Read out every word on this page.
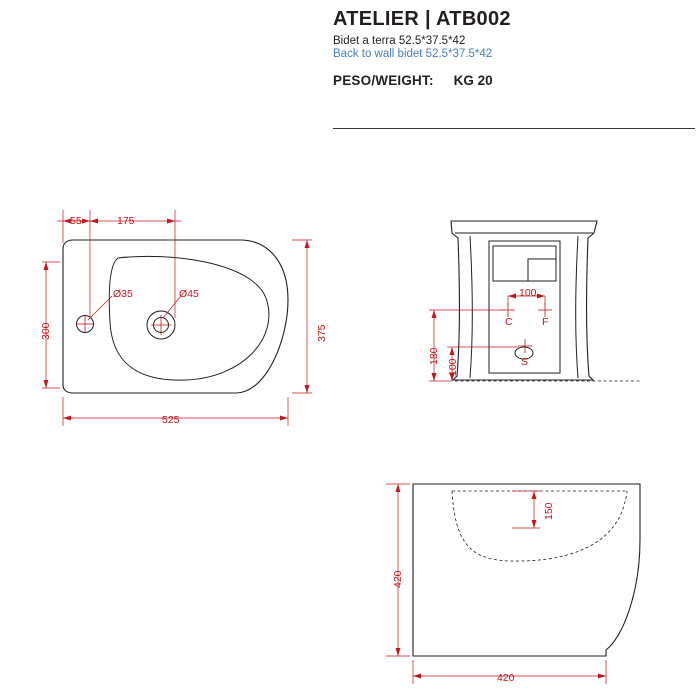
ATELIER | ATB002
Bidet a terra 52.5*37.5*42
Back to wall bidet 52.5*37.5*42
PESO/WEIGHT: KG 20
55	175
300	375
525
Ø35	Ø45	100
180
100
C	F
S
150
420
420
